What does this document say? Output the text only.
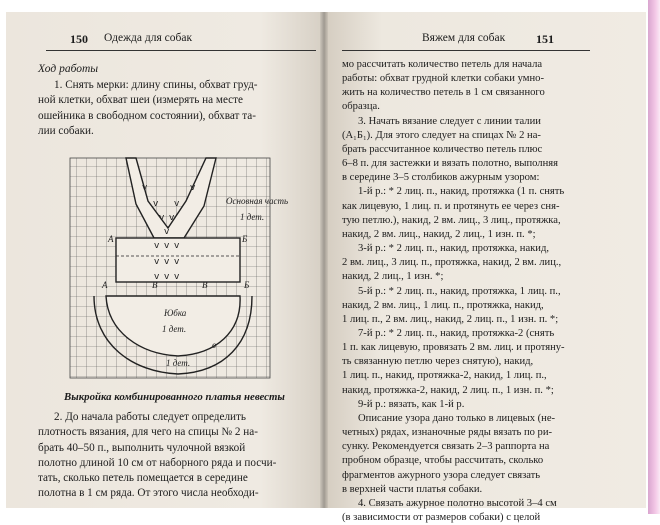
150 Одежда для собак
Ход работы

1. Снять мерки: длину спины, обхват груд-

ной клетки, обхват шеи (измерять на месте

ошейника в свободном состоянии), обхват та-

лии собаки.

v
v v
v
v v
v
v v v
v v v
v v v
Основная часть
1 дет.
А	Б
А	В	В	Б
Юбка
1 дет.
1 дет.
в
Выкройка комбинированного платья невесты

2. До начала работы следует определить

плотность вязания, для чего на спицы № 2 на-

брать 40–50 п., выполнить чулочной вязкой

полотно длиной 10 см от наборного ряда и посчи-

тать, сколько петель помещается в середине

полотна в 1 см ряда. От этого числа необходи-

Вяжем для собак	151

мо рассчитать количество петель для начала

работы: обхват грудной клетки собаки умно-

жить на количество петель в 1 см связанного

образца.

3. Начать вязание следует с линии талии

(А₁Б₁). Для этого следует на спицах № 2 на-

брать рассчитанное количество петель плюс

6–8 п. для застежки и вязать полотно, выполняя

в середине 3–5 столбиков ажурным узором:

1-й р.: * 2 лиц. п., накид, протяжка (1 п. снять

как лицевую, 1 лиц. п. и протянуть ее через сня-

тую петлю.), накид, 2 вм. лиц., 3 лиц., протяжка,

накид, 2 вм. лиц., накид, 2 лиц., 1 изн. п. *;

3-й р.: * 2 лиц. п., накид, протяжка, накид,

2 вм. лиц., 3 лиц. п., протяжка, накид, 2 вм. лиц.,

накид, 2 лиц., 1 изн. *;

5-й р.: * 2 лиц. п., накид, протяжка, 1 лиц. п.,

накид, 2 вм. лиц., 1 лиц. п., протяжка, накид,

1 лиц. п., 2 вм. лиц., накид, 2 лиц. п., 1 изн. п. *;

7-й р.: * 2 лиц. п., накид, протяжка-2 (снять

1 п. как лицевую, провязать 2 вм. лиц. и протяну-

ть связанную петлю через снятую), накид,

1 лиц. п., накид, протяжка-2, накид, 1 лиц. п.,

накид, протяжка-2, накид, 2 лиц. п., 1 изн. п. *;

9-й р.: вязать, как 1-й р.

Описание узора дано только в лицевых (не-

четных) рядах, изнаночные ряды вязать по ри-

сунку. Рекомендуется связать 2–3 раппорта на

пробном образце, чтобы рассчитать, сколько

фрагментов ажурного узора следует связать

в верхней части платья собаки.

4. Связать ажурное полотно высотой 3–4 см

(в зависимости от размеров собаки) с целой
